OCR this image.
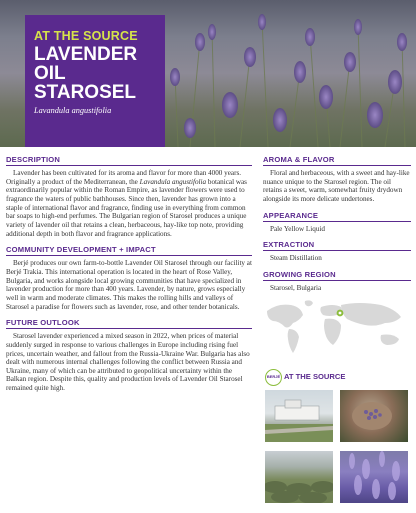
AT THE SOURCE
LAVENDER
OIL
STAROSEL
Lavandula angustifolia
DESCRIPTION

Lavender has been cultivated for its aroma and flavor for more than 4000 years. Originally a product of the Mediterranean, the Lavandula angustifolia botanical was extraordinarily popular within the Roman Empire, as lavender flowers were used to fragrance the waters of public bathhouses. Since then, lavender has grown into a staple of international flavor and fragrance, finding use in everything from common bar soaps to high-end perfumes. The Bulgarian region of Starosel produces a unique variety of lavender oil that retains a clean, herbaceous, hay-like top note, providing additional depth in both flavor and fragrance applications.

COMMUNITY DEVELOPMENT + IMPACT

Berjé produces our own farm-to-bottle Lavender Oil Starosel through our facility at Berjé Trakia. This international operation is located in the heart of Rose Valley, Bulgaria, and works alongside local growing communities that have specialized in lavender production for more than 400 years. Lavender, by nature, grows especially well in warm and moderate climates. This makes the rolling hills and valleys of Starosel a paradise for flowers such as lavender, rose, and other tender botanicals.

FUTURE OUTLOOK

Starosel lavender experienced a mixed season in 2022, when prices of material suddenly surged in response to various challenges in Europe including rising fuel prices, uncertain weather, and fallout from the Russia-Ukraine War. Bulgaria has also dealt with numerous internal challenges following the conflict between Russia and Ukraine, many of which can be attributed to geopolitical uncertainty within the Balkan region. Despite this, quality and production levels of Lavender Oil Starosel remained quite high.

AROMA & FLAVOR

Floral and herbaceous, with a sweet and hay-like nuance unique to the Starosel region. The oil retains a sweet, warm, somewhat fruity drydown alongside its more delicate undertones.

APPEARANCE
Pale Yellow Liquid
EXTRACTION
Steam Distillation
GROWING REGION
Starosel, Bulgaria
BERJÉ AT THE SOURCE
